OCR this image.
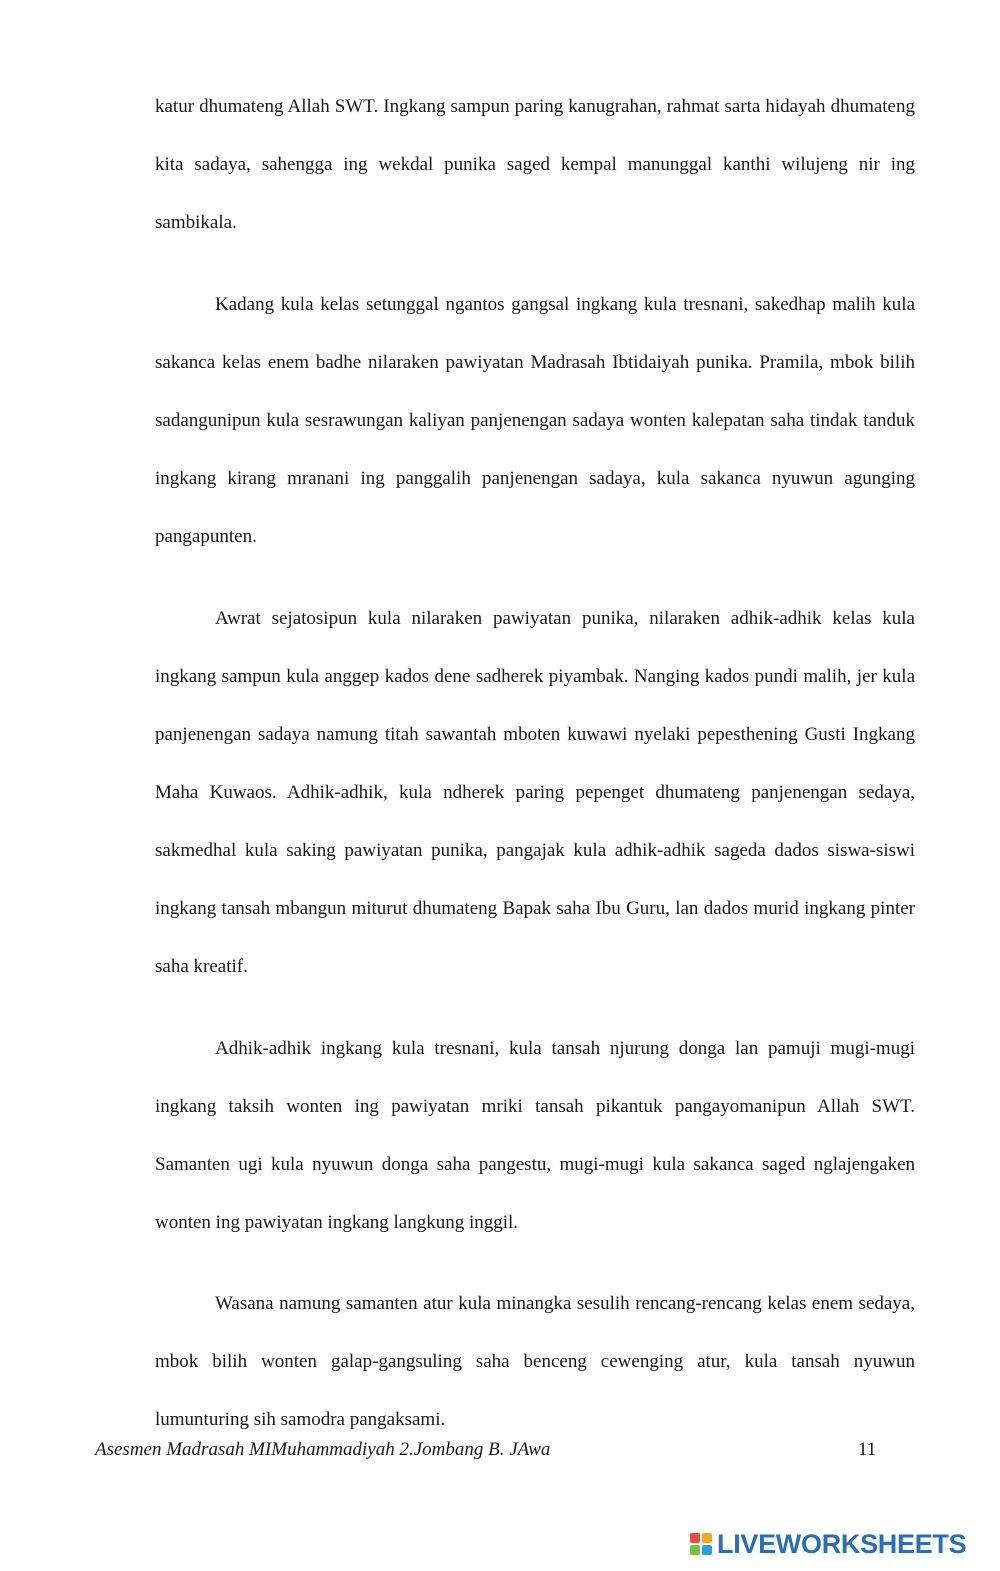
katur dhumateng Allah SWT. Ingkang sampun paring kanugrahan, rahmat sarta hidayah dhumateng kita sadaya, sahengga ing wekdal punika saged kempal manunggal kanthi wilujeng nir ing sambikala.

Kadang kula kelas setunggal ngantos gangsal ingkang kula tresnani, sakedhap malih kula sakanca kelas enem badhe nilaraken pawiyatan Madrasah Ibtidaiyah punika. Pramila, mbok bilih sadangunipun kula sesrawungan kaliyan panjenengan sadaya wonten kalepatan saha tindak tanduk ingkang kirang mranani ing panggalih panjenengan sadaya, kula sakanca nyuwun agunging pangapunten.

Awrat sejatosipun kula nilaraken pawiyatan punika, nilaraken adhik-adhik kelas kula ingkang sampun kula anggep kados dene sadherek piyambak. Nanging kados pundi malih, jer kula panjenengan sadaya namung titah sawantah mboten kuwawi nyelaki pepesthening Gusti Ingkang Maha Kuwaos. Adhik-adhik, kula ndherek paring pepenget dhumateng panjenengan sedaya, sakmedhal kula saking pawiyatan punika, pangajak kula adhik-adhik sageda dados siswa-siswi ingkang tansah mbangun miturut dhumateng Bapak saha Ibu Guru, lan dados murid ingkang pinter saha kreatif.

Adhik-adhik ingkang kula tresnani, kula tansah njurung donga lan pamuji mugi-mugi ingkang taksih wonten ing pawiyatan mriki tansah pikantuk pangayomanipun Allah SWT. Samanten ugi kula nyuwun donga saha pangestu, mugi-mugi kula sakanca saged nglajengaken wonten ing pawiyatan ingkang langkung inggil.

Wasana namung samanten atur kula minangka sesulih rencang-rencang kelas enem sedaya, mbok bilih wonten galap-gangsuling saha benceng cewenging atur, kula tansah nyuwun lumunturing sih samodra pangaksami.

Asesmen Madrasah MIMuhammadiyah 2.Jombang B. JAwa	11
LIVEWORKSHEETS
